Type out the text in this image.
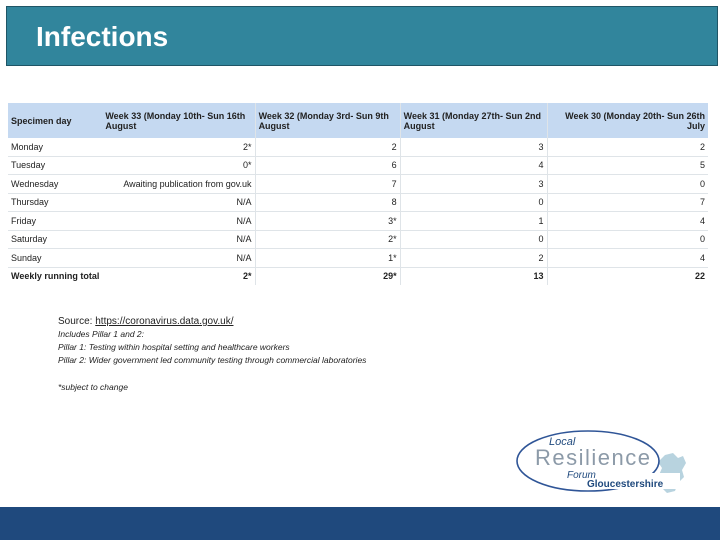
Infections
Specimen day	Week 33 (Monday 10th- Sun 16th August	Week 32 (Monday 3rd- Sun 9th August	Week 31 (Monday 27th- Sun 2nd August	Week 30 (Monday 20th- Sun 26th July
Monday	2*	2	3	2
Tuesday	0*	6	4	5
Wednesday	Awaiting publication from gov.uk	7	3	0
Thursday	N/A	8	0	7
Friday	N/A	3*	1	4
Saturday	N/A	2*	0	0
Sunday	N/A	1*	2	4
Weekly running total	2*	29*	13	22
Source: https://coronavirus.data.gov.uk/
Includes Pillar 1 and 2:
Pillar 1: Testing within hospital setting and healthcare workers
Pillar 2: Wider government led community testing through commercial laboratories
*subject to change
Local
Resilience
Forum
Gloucestershire
